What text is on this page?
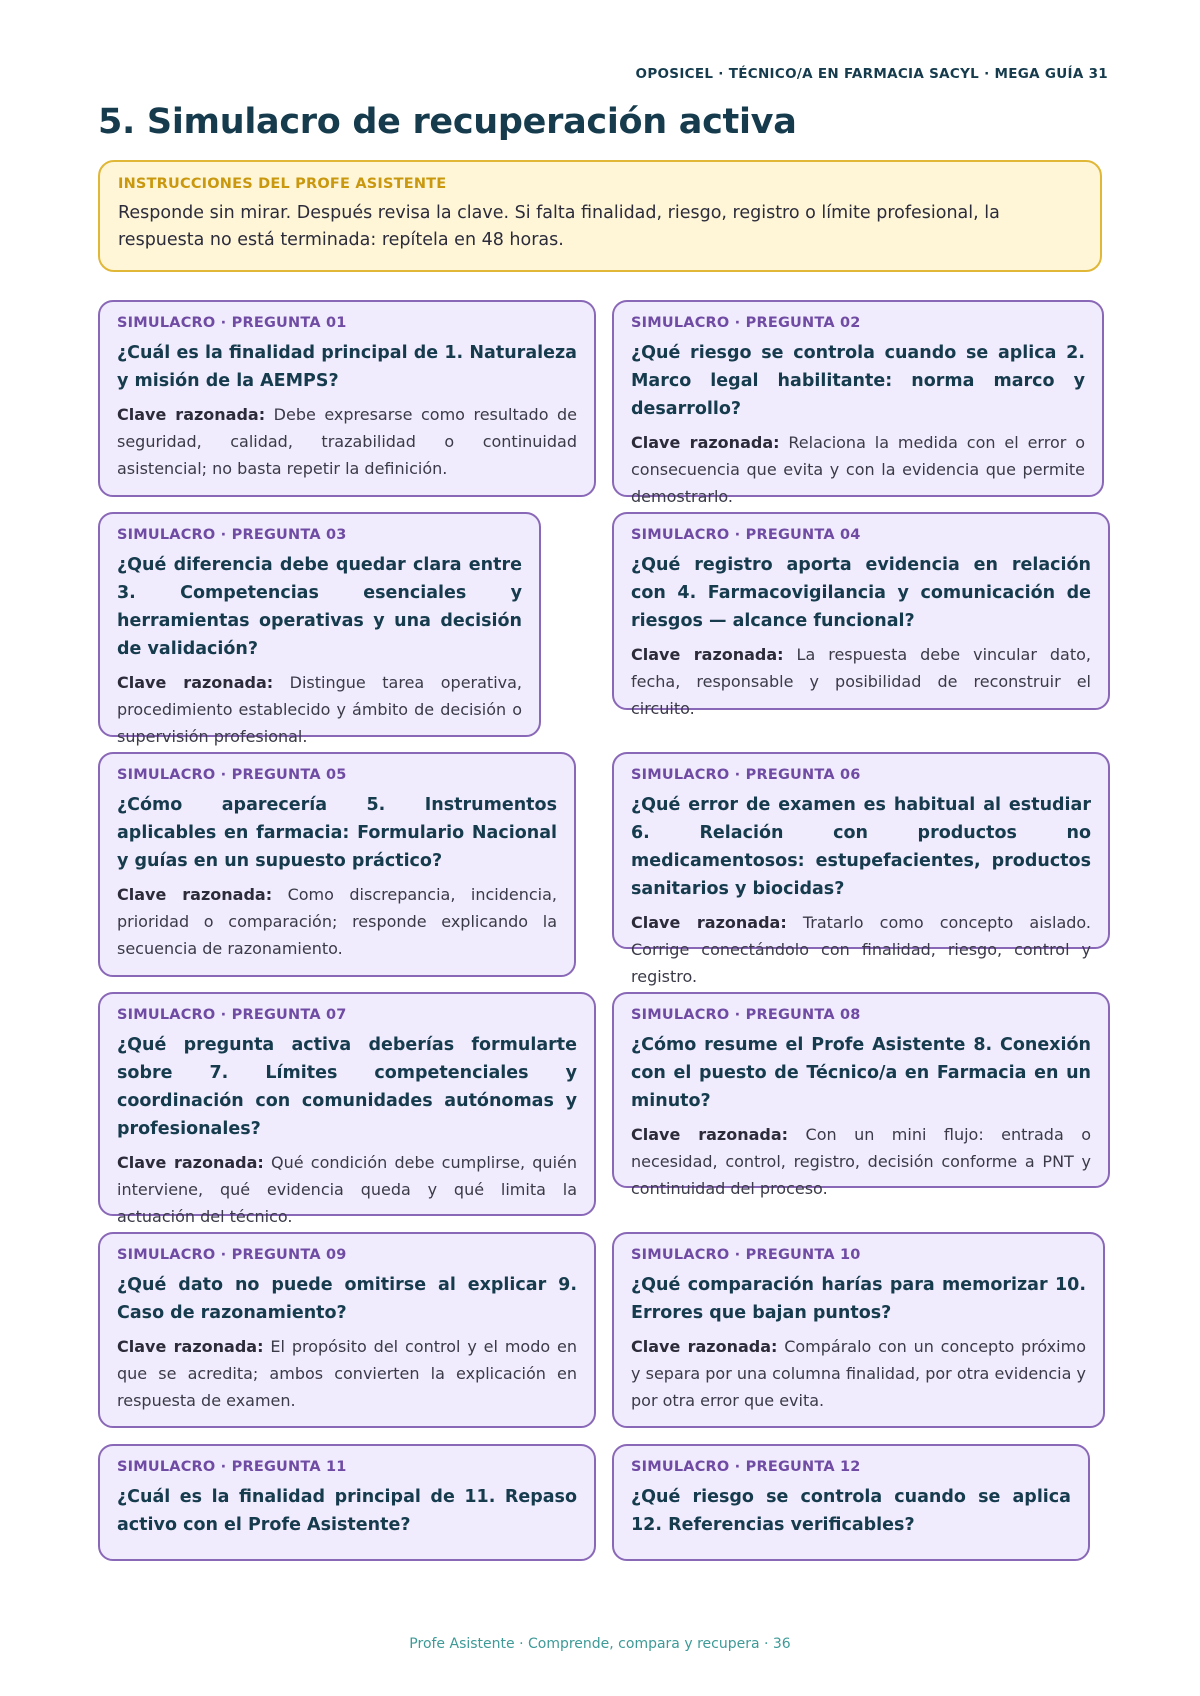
OPOSICEL · TÉCNICO/A EN FARMACIA SACYL · MEGA GUÍA 31
5. Simulacro de recuperación activa
INSTRUCCIONES DEL PROFE ASISTENTE
Responde sin mirar. Después revisa la clave. Si falta finalidad, riesgo, registro o límite profesional, la respuesta no está terminada: repítela en 48 horas.
SIMULACRO · PREGUNTA 01
¿Cuál es la finalidad principal de 1. Naturaleza y misión de la AEMPS?
Clave razonada: Debe expresarse como resultado de seguridad, calidad, trazabilidad o continuidad asistencial; no basta repetir la definición.
SIMULACRO · PREGUNTA 02
¿Qué riesgo se controla cuando se aplica 2. Marco legal habilitante: norma marco y desarrollo?
Clave razonada: Relaciona la medida con el error o consecuencia que evita y con la evidencia que permite demostrarlo.
SIMULACRO · PREGUNTA 03
¿Qué diferencia debe quedar clara entre 3. Competencias esenciales y herramientas operativas y una decisión de validación?
Clave razonada: Distingue tarea operativa, procedimiento establecido y ámbito de decisión o supervisión profesional.
SIMULACRO · PREGUNTA 04
¿Qué registro aporta evidencia en relación con 4. Farmacovigilancia y comunicación de riesgos — alcance funcional?
Clave razonada: La respuesta debe vincular dato, fecha, responsable y posibilidad de reconstruir el circuito.
SIMULACRO · PREGUNTA 05
¿Cómo aparecería 5. Instrumentos aplicables en farmacia: Formulario Nacional y guías en un supuesto práctico?
Clave razonada: Como discrepancia, incidencia, prioridad o comparación; responde explicando la secuencia de razonamiento.
SIMULACRO · PREGUNTA 06
¿Qué error de examen es habitual al estudiar 6. Relación con productos no medicamentosos: estupefacientes, productos sanitarios y biocidas?
Clave razonada: Tratarlo como concepto aislado. Corrige conectándolo con finalidad, riesgo, control y registro.
SIMULACRO · PREGUNTA 07
¿Qué pregunta activa deberías formularte sobre 7. Límites competenciales y coordinación con comunidades autónomas y profesionales?
Clave razonada: Qué condición debe cumplirse, quién interviene, qué evidencia queda y qué limita la actuación del técnico.
SIMULACRO · PREGUNTA 08
¿Cómo resume el Profe Asistente 8. Conexión con el puesto de Técnico/a en Farmacia en un minuto?
Clave razonada: Con un mini flujo: entrada o necesidad, control, registro, decisión conforme a PNT y continuidad del proceso.
SIMULACRO · PREGUNTA 09
¿Qué dato no puede omitirse al explicar 9. Caso de razonamiento?
Clave razonada: El propósito del control y el modo en que se acredita; ambos convierten la explicación en respuesta de examen.
SIMULACRO · PREGUNTA 10
¿Qué comparación harías para memorizar 10. Errores que bajan puntos?
Clave razonada: Compáralo con un concepto próximo y separa por una columna finalidad, por otra evidencia y por otra error que evita.
SIMULACRO · PREGUNTA 11
¿Cuál es la finalidad principal de 11. Repaso activo con el Profe Asistente?
SIMULACRO · PREGUNTA 12
¿Qué riesgo se controla cuando se aplica 12. Referencias verificables?
Profe Asistente · Comprende, compara y recupera · 36
